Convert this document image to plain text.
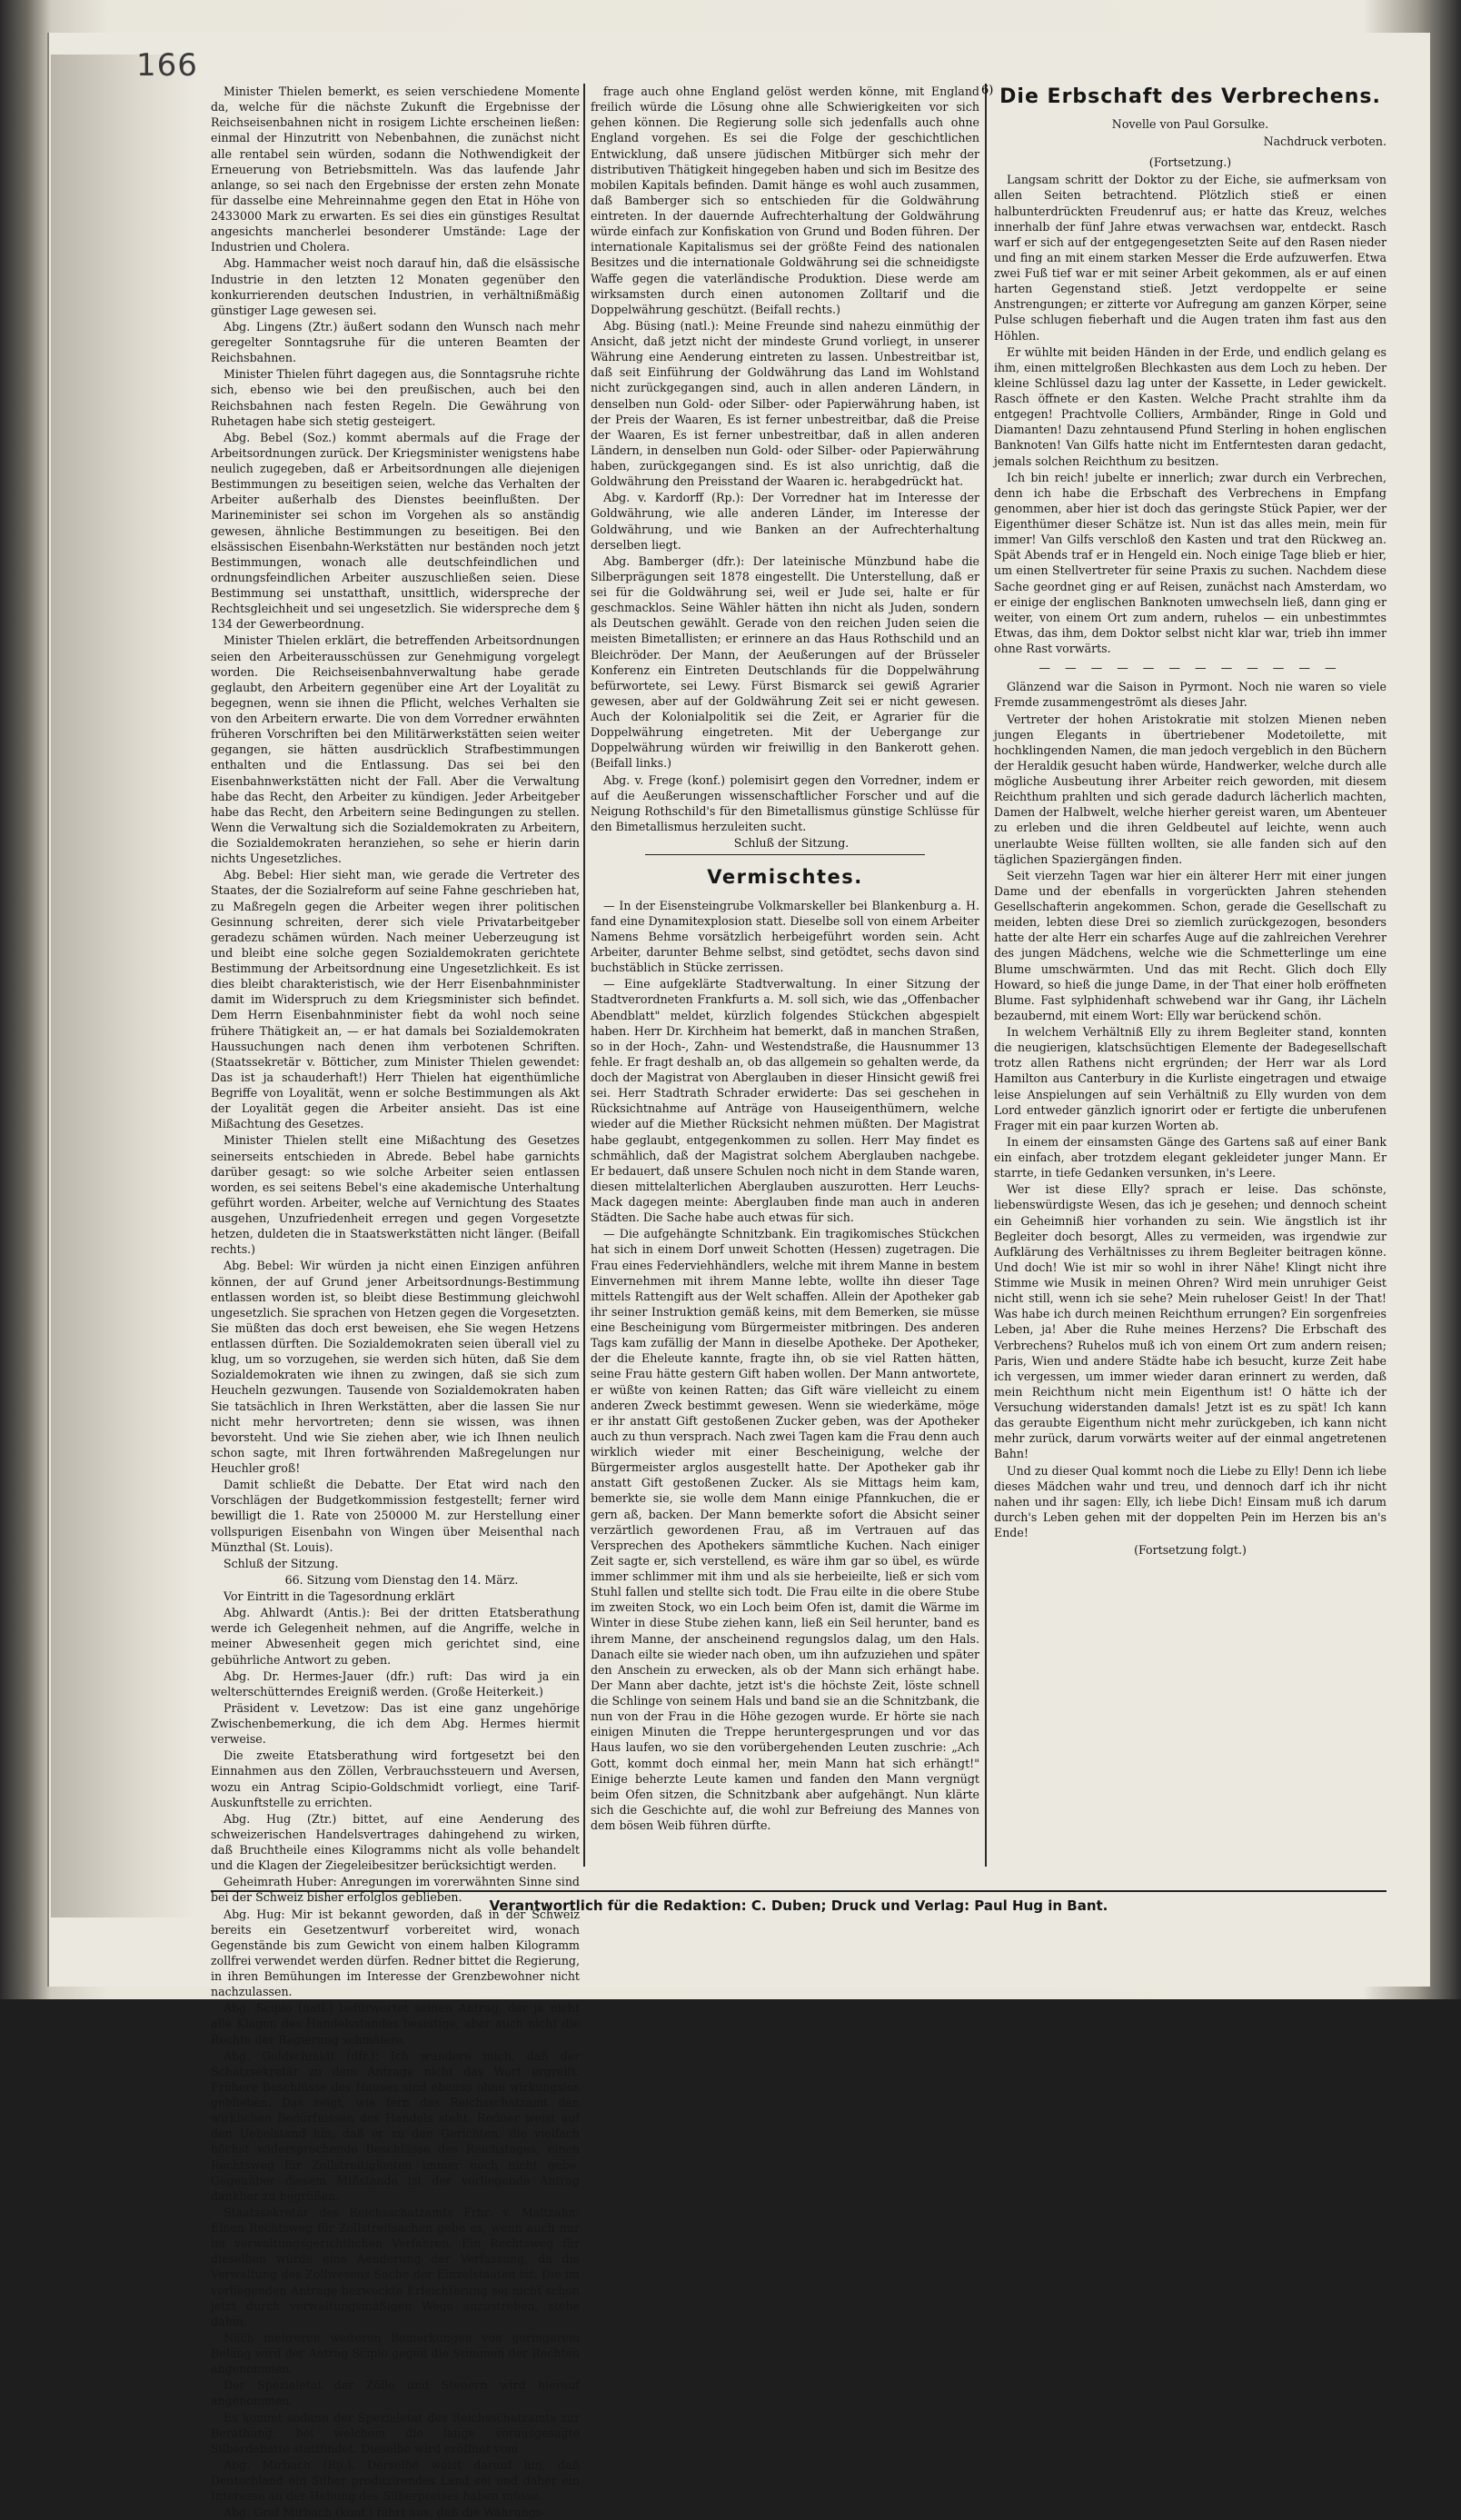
166

Minister Thielen bemerkt, es seien verschiedene Momente da, welche für die nächste Zukunft die Ergebnisse der Reichseisenbahnen nicht in rosigem Lichte erscheinen ließen: einmal der Hinzutritt von Nebenbahnen, die zunächst nicht alle rentabel sein würden, sodann die Nothwendigkeit der Erneuerung von Betriebsmitteln. Was das laufende Jahr anlange, so sei nach den Ergebnisse der ersten zehn Monate für dasselbe eine Mehreinnahme gegen den Etat in Höhe von 2433000 Mark zu erwarten. Es sei dies ein günstiges Resultat angesichts mancherlei besonderer Umstände: Lage der Industrien und Cholera.

Abg. Hammacher weist noch darauf hin, daß die elsässische Industrie in den letzten 12 Monaten gegenüber den konkurrierenden deutschen Industrien, in verhältnißmäßig günstiger Lage gewesen sei.

Abg. Lingens (Ztr.) äußert sodann den Wunsch nach mehr geregelter Sonntagsruhe für die unteren Beamten der Reichsbahnen.

Minister Thielen führt dagegen aus, die Sonntagsruhe richte sich, ebenso wie bei den preußischen, auch bei den Reichsbahnen nach festen Regeln. Die Gewährung von Ruhetagen habe sich stetig gesteigert.

Abg. Bebel (Soz.) kommt abermals auf die Frage der Arbeitsordnungen zurück. Der Kriegsminister wenigstens habe neulich zugegeben, daß er Arbeitsordnungen alle diejenigen Bestimmungen zu beseitigen seien, welche das Verhalten der Arbeiter außerhalb des Dienstes beeinflußten. Der Marineminister sei schon im Vorgehen als so anständig gewesen, ähnliche Bestimmungen zu beseitigen. Bei den elsässischen Eisenbahn-Werkstätten nur beständen noch jetzt Bestimmungen, wonach alle deutschfeindlichen und ordnungsfeindlichen Arbeiter auszuschließen seien. Diese Bestimmung sei unstatthaft, unsittlich, widerspreche der Rechtsgleichheit und sei ungesetzlich. Sie widerspreche dem § 134 der Gewerbeordnung.

Minister Thielen erklärt, die betreffenden Arbeitsordnungen seien den Arbeiterausschüssen zur Genehmigung vorgelegt worden. Die Reichseisenbahnverwaltung habe gerade geglaubt, den Arbeitern gegenüber eine Art der Loyalität zu begegnen, wenn sie ihnen die Pflicht, welches Verhalten sie von den Arbeitern erwarte. Die von dem Vorredner erwähnten früheren Vorschriften bei den Militärwerkstätten seien weiter gegangen, sie hätten ausdrücklich Strafbestimmungen enthalten und die Entlassung. Das sei bei den Eisenbahnwerkstätten nicht der Fall. Aber die Verwaltung habe das Recht, den Arbeiter zu kündigen. Jeder Arbeitgeber habe das Recht, den Arbeitern seine Bedingungen zu stellen. Wenn die Verwaltung sich die Sozialdemokraten zu Arbeitern, die Sozialdemokraten heranziehen, so sehe er hierin darin nichts Ungesetzliches.

Abg. Bebel: Hier sieht man, wie gerade die Vertreter des Staates, der die Sozialreform auf seine Fahne geschrieben hat, zu Maßregeln gegen die Arbeiter wegen ihrer politischen Gesinnung schreiten, derer sich viele Privatarbeitgeber geradezu schämen würden. Nach meiner Ueberzeugung ist und bleibt eine solche gegen Sozialdemokraten gerichtete Bestimmung der Arbeitsordnung eine Ungesetzlichkeit. Es ist dies bleibt charakteristisch, wie der Herr Eisenbahnminister damit im Widerspruch zu dem Kriegsminister sich befindet. Dem Herrn Eisenbahnminister fiebt da wohl noch seine frühere Thätigkeit an, — er hat damals bei Sozialdemokraten Haussuchungen nach denen ihm verbotenen Schriften. (Staatssekretär v. Bötticher, zum Minister Thielen gewendet: Das ist ja schauderhaft!) Herr Thielen hat eigenthümliche Begriffe von Loyalität, wenn er solche Bestimmungen als Akt der Loyalität gegen die Arbeiter ansieht. Das ist eine Mißachtung des Gesetzes.

Minister Thielen stellt eine Mißachtung des Gesetzes seinerseits entschieden in Abrede. Bebel habe garnichts darüber gesagt: so wie solche Arbeiter seien entlassen worden, es sei seitens Bebel's eine akademische Unterhaltung geführt worden. Arbeiter, welche auf Vernichtung des Staates ausgehen, Unzufriedenheit erregen und gegen Vorgesetzte hetzen, duldeten die in Staatswerkstätten nicht länger. (Beifall rechts.)

Abg. Bebel: Wir würden ja nicht einen Einzigen anführen können, der auf Grund jener Arbeitsordnungs-Bestimmung entlassen worden ist, so bleibt diese Bestimmung gleichwohl ungesetzlich. Sie sprachen von Hetzen gegen die Vorgesetzten. Sie müßten das doch erst beweisen, ehe Sie wegen Hetzens entlassen dürften. Die Sozialdemokraten seien überall viel zu klug, um so vorzugehen, sie werden sich hüten, daß Sie dem Sozialdemokraten wie ihnen zu zwingen, daß sie sich zum Heucheln gezwungen. Tausende von Sozialdemokraten haben Sie tatsächlich in Ihren Werkstätten, aber die lassen Sie nur nicht mehr hervortreten; denn sie wissen, was ihnen bevorsteht. Und wie Sie ziehen aber, wie ich Ihnen neulich schon sagte, mit Ihren fortwährenden Maßregelungen nur Heuchler groß!

Damit schließt die Debatte. Der Etat wird nach den Vorschlägen der Budgetkommission festgestellt; ferner wird bewilligt die 1. Rate von 250000 M. zur Herstellung einer vollspurigen Eisenbahn von Wingen über Meisenthal nach Münzthal (St. Louis).

Schluß der Sitzung.

66. Sitzung vom Dienstag den 14. März.

Vor Eintritt in die Tagesordnung erklärt

Abg. Ahlwardt (Antis.): Bei der dritten Etatsberathung werde ich Gelegenheit nehmen, auf die Angriffe, welche in meiner Abwesenheit gegen mich gerichtet sind, eine gebührliche Antwort zu geben.

Abg. Dr. Hermes-Jauer (dfr.) ruft: Das wird ja ein welterschütterndes Ereigniß werden. (Große Heiterkeit.)

Präsident v. Levetzow: Das ist eine ganz ungehörige Zwischenbemerkung, die ich dem Abg. Hermes hiermit verweise.

Die zweite Etatsberathung wird fortgesetzt bei den Einnahmen aus den Zöllen, Verbrauchssteuern und Aversen, wozu ein Antrag Scipio-Goldschmidt vorliegt, eine Tarif-Auskunftstelle zu errichten.

Abg. Hug (Ztr.) bittet, auf eine Aenderung des schweizerischen Handelsvertrages dahingehend zu wirken, daß Bruchtheile eines Kilogramms nicht als volle behandelt und die Klagen der Ziegeleibesitzer berücksichtigt werden.

Geheimrath Huber: Anregungen im vorerwähnten Sinne sind bei der Schweiz bisher erfolglos geblieben.

Abg. Hug: Mir ist bekannt geworden, daß in der Schweiz bereits ein Gesetzentwurf vorbereitet wird, wonach Gegenstände bis zum Gewicht von einem halben Kilogramm zollfrei verwendet werden dürfen. Redner bittet die Regierung, in ihren Bemühungen im Interesse der Grenzbewohner nicht nachzulassen.

Abg. Scipio (natl.) befürwortet seinen Antrag, der ja nicht alle Klagen des Handelsstandes beseitige, aber auch nicht die Rechte der Regierung schmälere.

Abg. Goldschmidt (dfr.): Ich wundere mich, daß der Schatzsekretär zu dem Antrage nicht das Wort ergreift. Frühere Beschlüsse des Hauses sind ebenso ohne wirkungslos geblieben. Das zeigt, wie fern das Reichsschatzamt den wirklichen Bedürfnissen des Handels steht. Redner weist auf den Uebelstand hin, daß er zu den Gerichten, die vielfach höchst widersprechende Beschlüsse des Reichstages, einen Rechtsweg für Zollstreitigkeiten immer noch nicht gebe. Gegenüber diesem Mißstande ist der vorliegende Antrag dankbar zu begrüßen.

Staatssekretär des Reichsschatzamts Frhr. v. Maltzahn: Einen Rechtsweg für Zollstreitsachen gebe es, wenn auch nur im verwaltungsgerichtlichen Verfahren. Ein Rechtsweg für dieselben würde eine Aenderung der Verfassung, da die Verwaltung des Zollwesens Sache der Einzelstaaten ist. Die im vorliegenden Antrage bezweckte Erleichterung sei nicht schon jetzt durch verwaltungsmäßigen Wege anzustreben, stehe dahin.

Nach mehreren weiteren Bemerkungen von geringerem Belang wird der Antrag Scipio gegen die Stimmen der Rechten angenommen.

Der Spezialetat der Zölle und Steuern wird hierauf angenommen.

Es kommt sodann der Spezialetat des Reichsschatzamts zur Berathung, bei welchem die lange vorausgesagte Silberdebatte stattfindet. Dieselbe wird eröffnet vom

Abg. Mirbach (Rp.). Derselbe weist darauf hin, daß Deutschland ein Silber produzirendes Land sei und daher ein Interesse an der Hebung des Silberpreises haben müsse.

Abg. Graf Mirbach (konf.) führt aus, daß die Währungs-

frage auch ohne England gelöst werden könne, mit England freilich würde die Lösung ohne alle Schwierigkeiten vor sich gehen können. Die Regierung solle sich jedenfalls auch ohne England vorgehen. Es sei die Folge der geschichtlichen Entwicklung, daß unsere jüdischen Mitbürger sich mehr der distributiven Thätigkeit hingegeben haben und sich im Besitze des mobilen Kapitals befinden. Damit hänge es wohl auch zusammen, daß Bamberger sich so entschieden für die Goldwährung eintreten. In der dauernde Aufrechterhaltung der Goldwährung würde einfach zur Konfiskation von Grund und Boden führen. Der internationale Kapitalismus sei der größte Feind des nationalen Besitzes und die internationale Goldwährung sei die schneidigste Waffe gegen die vaterländische Produktion. Diese werde am wirksamsten durch einen autonomen Zolltarif und die Doppelwährung geschützt. (Beifall rechts.)

Abg. Büsing (natl.): Meine Freunde sind nahezu einmüthig der Ansicht, daß jetzt nicht der mindeste Grund vorliegt, in unserer Währung eine Aenderung eintreten zu lassen. Unbestreitbar ist, daß seit Einführung der Goldwährung das Land im Wohlstand nicht zurückgegangen sind, auch in allen anderen Ländern, in denselben nun Gold- oder Silber- oder Papierwährung haben, ist der Preis der Waaren, Es ist ferner unbestreitbar, daß die Preise der Waaren, Es ist ferner unbestreitbar, daß in allen anderen Ländern, in denselben nun Gold- oder Silber- oder Papierwährung haben, zurückgegangen sind. Es ist also unrichtig, daß die Goldwährung den Preisstand der Waaren ic. herabgedrückt hat.

Abg. v. Kardorff (Rp.): Der Vorredner hat im Interesse der Goldwährung, wie alle anderen Länder, im Interesse der Goldwährung, und wie Banken an der Aufrechterhaltung derselben liegt.

Abg. Bamberger (dfr.): Der lateinische Münzbund habe die Silberprägungen seit 1878 eingestellt. Die Unterstellung, daß er sei für die Goldwährung sei, weil er Jude sei, halte er für geschmacklos. Seine Wähler hätten ihn nicht als Juden, sondern als Deutschen gewählt. Gerade von den reichen Juden seien die meisten Bimetallisten; er erinnere an das Haus Rothschild und an Bleichröder. Der Mann, der Aeußerungen auf der Brüsseler Konferenz ein Eintreten Deutschlands für die Doppelwährung befürwortete, sei Lewy. Fürst Bismarck sei gewiß Agrarier gewesen, aber auf der Goldwährung Zeit sei er nicht gewesen. Auch der Kolonialpolitik sei die Zeit, er Agrarier für die Doppelwährung eingetreten. Mit der Uebergange zur Doppelwährung würden wir freiwillig in den Bankerott gehen. (Beifall links.)

Abg. v. Frege (konf.) polemisirt gegen den Vorredner, indem er auf die Aeußerungen wissenschaftlicher Forscher und auf die Neigung Rothschild's für den Bimetallismus günstige Schlüsse für den Bimetallismus herzuleiten sucht.

Schluß der Sitzung.

Vermischtes.

— In der Eisensteingrube Volkmarskeller bei Blankenburg a. H. fand eine Dynamitexplosion statt. Dieselbe soll von einem Arbeiter Namens Behme vorsätzlich herbeigeführt worden sein. Acht Arbeiter, darunter Behme selbst, sind getödtet, sechs davon sind buchstäblich in Stücke zerrissen.

— Eine aufgeklärte Stadtverwaltung. In einer Sitzung der Stadtverordneten Frankfurts a. M. soll sich, wie das „Offenbacher Abendblatt" meldet, kürzlich folgendes Stückchen abgespielt haben. Herr Dr. Kirchheim hat bemerkt, daß in manchen Straßen, so in der Hoch-, Zahn- und Westendstraße, die Hausnummer 13 fehle. Er fragt deshalb an, ob das allgemein so gehalten werde, da doch der Magistrat von Aberglauben in dieser Hinsicht gewiß frei sei. Herr Stadtrath Schrader erwiderte: Das sei geschehen in Rücksichtnahme auf Anträge von Hauseigenthümern, welche wieder auf die Miether Rücksicht nehmen müßten. Der Magistrat habe geglaubt, entgegenkommen zu sollen. Herr May findet es schmählich, daß der Magistrat solchem Aberglauben nachgebe. Er bedauert, daß unsere Schulen noch nicht in dem Stande waren, diesen mittelalterlichen Aberglauben auszurotten. Herr Leuchs-Mack dagegen meinte: Aberglauben finde man auch in anderen Städten. Die Sache habe auch etwas für sich.

— Die aufgehängte Schnitzbank. Ein tragikomisches Stückchen hat sich in einem Dorf unweit Schotten (Hessen) zugetragen. Die Frau eines Federviehhändlers, welche mit ihrem Manne in bestem Einvernehmen mit ihrem Manne lebte, wollte ihn dieser Tage mittels Rattengift aus der Welt schaffen. Allein der Apotheker gab ihr seiner Instruktion gemäß keins, mit dem Bemerken, sie müsse eine Bescheinigung vom Bürgermeister mitbringen. Des anderen Tags kam zufällig der Mann in dieselbe Apotheke. Der Apotheker, der die Eheleute kannte, fragte ihn, ob sie viel Ratten hätten, seine Frau hätte gestern Gift haben wollen. Der Mann antwortete, er wüßte von keinen Ratten; das Gift wäre vielleicht zu einem anderen Zweck bestimmt gewesen. Wenn sie wiederkäme, möge er ihr anstatt Gift gestoßenen Zucker geben, was der Apotheker auch zu thun versprach. Nach zwei Tagen kam die Frau denn auch wirklich wieder mit einer Bescheinigung, welche der Bürgermeister arglos ausgestellt hatte. Der Apotheker gab ihr anstatt Gift gestoßenen Zucker. Als sie Mittags heim kam, bemerkte sie, sie wolle dem Mann einige Pfannkuchen, die er gern aß, backen. Der Mann bemerkte sofort die Absicht seiner verzärtlich gewordenen Frau, aß im Vertrauen auf das Versprechen des Apothekers sämmtliche Kuchen. Nach einiger Zeit sagte er, sich verstellend, es wäre ihm gar so übel, es würde immer schlimmer mit ihm und als sie herbeieilte, ließ er sich vom Stuhl fallen und stellte sich todt. Die Frau eilte in die obere Stube im zweiten Stock, wo ein Loch beim Ofen ist, damit die Wärme im Winter in diese Stube ziehen kann, ließ ein Seil herunter, band es ihrem Manne, der anscheinend regungslos dalag, um den Hals. Danach eilte sie wieder nach oben, um ihn aufzuziehen und später den Anschein zu erwecken, als ob der Mann sich erhängt habe. Der Mann aber dachte, jetzt ist's die höchste Zeit, löste schnell die Schlinge von seinem Hals und band sie an die Schnitzbank, die nun von der Frau in die Höhe gezogen wurde. Er hörte sie nach einigen Minuten die Treppe heruntergesprungen und vor das Haus laufen, wo sie den vorübergehenden Leuten zuschrie: „Ach Gott, kommt doch einmal her, mein Mann hat sich erhängt!" Einige beherzte Leute kamen und fanden den Mann vergnügt beim Ofen sitzen, die Schnitzbank aber aufgehängt. Nun klärte sich die Geschichte auf, die wohl zur Befreiung des Mannes von dem bösen Weib führen dürfte.

6) Die Erbschaft des Verbrechens.
Novelle von Paul Gorsulke.
Nachdruck verboten.
(Fortsetzung.)

Langsam schritt der Doktor zu der Eiche, sie aufmerksam von allen Seiten betrachtend. Plötzlich stieß er einen halbunterdrückten Freudenruf aus; er hatte das Kreuz, welches innerhalb der fünf Jahre etwas verwachsen war, entdeckt. Rasch warf er sich auf der entgegengesetzten Seite auf den Rasen nieder und fing an mit einem starken Messer die Erde aufzuwerfen. Etwa zwei Fuß tief war er mit seiner Arbeit gekommen, als er auf einen harten Gegenstand stieß. Jetzt verdoppelte er seine Anstrengungen; er zitterte vor Aufregung am ganzen Körper, seine Pulse schlugen fieberhaft und die Augen traten ihm fast aus den Höhlen.

Er wühlte mit beiden Händen in der Erde, und endlich gelang es ihm, einen mittelgroßen Blechkasten aus dem Loch zu heben. Der kleine Schlüssel dazu lag unter der Kassette, in Leder gewickelt. Rasch öffnete er den Kasten. Welche Pracht strahlte ihm da entgegen! Prachtvolle Colliers, Armbänder, Ringe in Gold und Diamanten! Dazu zehntausend Pfund Sterling in hohen englischen Banknoten! Van Gilfs hatte nicht im Entferntesten daran gedacht, jemals solchen Reichthum zu besitzen.

Ich bin reich! jubelte er innerlich; zwar durch ein Verbrechen, denn ich habe die Erbschaft des Verbrechens in Empfang genommen, aber hier ist doch das geringste Stück Papier, wer der Eigenthümer dieser Schätze ist. Nun ist das alles mein, mein für immer! Van Gilfs verschloß den Kasten und trat den Rückweg an. Spät Abends traf er in Hengeld ein. Noch einige Tage blieb er hier, um einen Stellvertreter für seine Praxis zu suchen. Nachdem diese Sache geordnet ging er auf Reisen, zunächst nach Amsterdam, wo er einige der englischen Banknoten umwechseln ließ, dann ging er weiter, von einem Ort zum andern, ruhelos — ein unbestimmtes Etwas, das ihm, dem Doktor selbst nicht klar war, trieb ihn immer ohne Rast vorwärts.

— — — — — — — — — — — —

Glänzend war die Saison in Pyrmont. Noch nie waren so viele Fremde zusammengeströmt als dieses Jahr.

Vertreter der hohen Aristokratie mit stolzen Mienen neben jungen Elegants in übertriebener Modetoilette, mit hochklingenden Namen, die man jedoch vergeblich in den Büchern der Heraldik gesucht haben würde, Handwerker, welche durch alle mögliche Ausbeutung ihrer Arbeiter reich geworden, mit diesem Reichthum prahlten und sich gerade dadurch lächerlich machten, Damen der Halbwelt, welche hierher gereist waren, um Abenteuer zu erleben und die ihren Geldbeutel auf leichte, wenn auch unerlaubte Weise füllten wollten, sie alle fanden sich auf den täglichen Spaziergängen finden.

Seit vierzehn Tagen war hier ein älterer Herr mit einer jungen Dame und der ebenfalls in vorgerückten Jahren stehenden Gesellschafterin angekommen. Schon, gerade die Gesellschaft zu meiden, lebten diese Drei so ziemlich zurückgezogen, besonders hatte der alte Herr ein scharfes Auge auf die zahlreichen Verehrer des jungen Mädchens, welche wie die Schmetterlinge um eine Blume umschwärmten. Und das mit Recht. Glich doch Elly Howard, so hieß die junge Dame, in der That einer holb eröffneten Blume. Fast sylphidenhaft schwebend war ihr Gang, ihr Lächeln bezaubernd, mit einem Wort: Elly war berückend schön.

In welchem Verhältniß Elly zu ihrem Begleiter stand, konnten die neugierigen, klatschsüchtigen Elemente der Badegesellschaft trotz allen Rathens nicht ergründen; der Herr war als Lord Hamilton aus Canterbury in die Kurliste eingetragen und etwaige leise Anspielungen auf sein Verhältniß zu Elly wurden von dem Lord entweder gänzlich ignorirt oder er fertigte die unberufenen Frager mit ein paar kurzen Worten ab.

In einem der einsamsten Gänge des Gartens saß auf einer Bank ein einfach, aber trotzdem elegant gekleideter junger Mann. Er starrte, in tiefe Gedanken versunken, in's Leere.

Wer ist diese Elly? sprach er leise. Das schönste, liebenswürdigste Wesen, das ich je gesehen; und dennoch scheint ein Geheimniß hier vorhanden zu sein. Wie ängstlich ist ihr Begleiter doch besorgt, Alles zu vermeiden, was irgendwie zur Aufklärung des Verhältnisses zu ihrem Begleiter beitragen könne. Und doch! Wie ist mir so wohl in ihrer Nähe! Klingt nicht ihre Stimme wie Musik in meinen Ohren? Wird mein unruhiger Geist nicht still, wenn ich sie sehe? Mein ruheloser Geist! In der That! Was habe ich durch meinen Reichthum errungen? Ein sorgenfreies Leben, ja! Aber die Ruhe meines Herzens? Die Erbschaft des Verbrechens? Ruhelos muß ich von einem Ort zum andern reisen; Paris, Wien und andere Städte habe ich besucht, kurze Zeit habe ich vergessen, um immer wieder daran erinnert zu werden, daß mein Reichthum nicht mein Eigenthum ist! O hätte ich der Versuchung widerstanden damals! Jetzt ist es zu spät! Ich kann das geraubte Eigenthum nicht mehr zurückgeben, ich kann nicht mehr zurück, darum vorwärts weiter auf der einmal angetretenen Bahn!

Und zu dieser Qual kommt noch die Liebe zu Elly! Denn ich liebe dieses Mädchen wahr und treu, und dennoch darf ich ihr nicht nahen und ihr sagen: Elly, ich liebe Dich! Einsam muß ich darum durch's Leben gehen mit der doppelten Pein im Herzen bis an's Ende!

(Fortsetzung folgt.)
Verantwortlich für die Redaktion: C. Duben; Druck und Verlag: Paul Hug in Bant.
